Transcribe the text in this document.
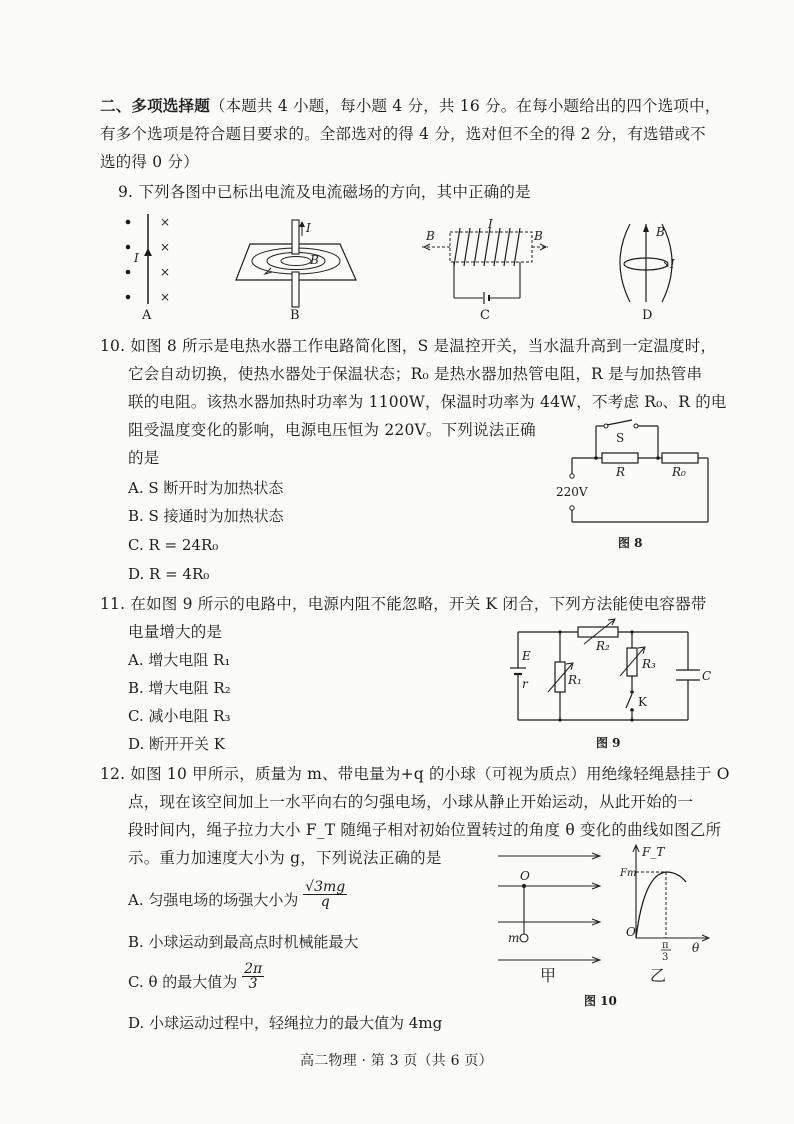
二、多项选择题（本题共 4 小题，每小题 4 分，共 16 分。在每小题给出的四个选项中，
有多个选项是符合题目要求的。全部选对的得 4 分，选对但不全的得 2 分，有选错或不
选的得 0 分）
9. 下列各图中已标出电流及电流磁场的方向，其中正确的是
×
×
×
×
I
I
B
I
B	B	B
I
A	B	C	D
10. 如图 8 所示是电热水器工作电路简化图，S 是温控开关，当水温升高到一定温度时，
它会自动切换，使热水器处于保温状态；R₀ 是热水器加热管电阻，R 是与加热管串
联的电阻。该热水器加热时功率为 1100W，保温时功率为 44W，不考虑 R₀、R 的电
阻受温度变化的影响，电源电压恒为 220V。下列说法正确
的是
A. S 断开时为加热状态
B. S 接通时为加热状态
C. R = 24R₀
D. R = 4R₀
S
R	R₀
220V
图 8
11. 在如图 9 所示的电路中，电源内阻不能忽略，开关 K 闭合，下列方法能使电容器带
电量增大的是
A. 增大电阻 R₁
B. 增大电阻 R₂
C. 减小电阻 R₃
D. 断开开关 K
E
r	R₁
R₂
R₃
K
C
图 9
12. 如图 10 甲所示，质量为 m、带电量为+q 的小球（可视为质点）用绝缘轻绳悬挂于 O
点，现在该空间加上一水平向右的匀强电场，小球从静止开始运动，从此开始的一
段时间内，绳子拉力大小 F_T 随绳子相对初始位置转过的角度 θ 变化的曲线如图乙所
示。重力加速度大小为 g，下列说法正确的是
A. 匀强电场的场强大小为 $\frac{√3mg}{q}$
B. 小球运动到最高点时机械能最大
C. θ 的最大值为 $\frac{2\pi}{3}$
D. 小球运动过程中，轻绳拉力的最大值为 4mg
O
m
甲
F_T
Fm
O
π
3
θ
乙
图 10
高二物理 · 第 3 页（共 6 页）
